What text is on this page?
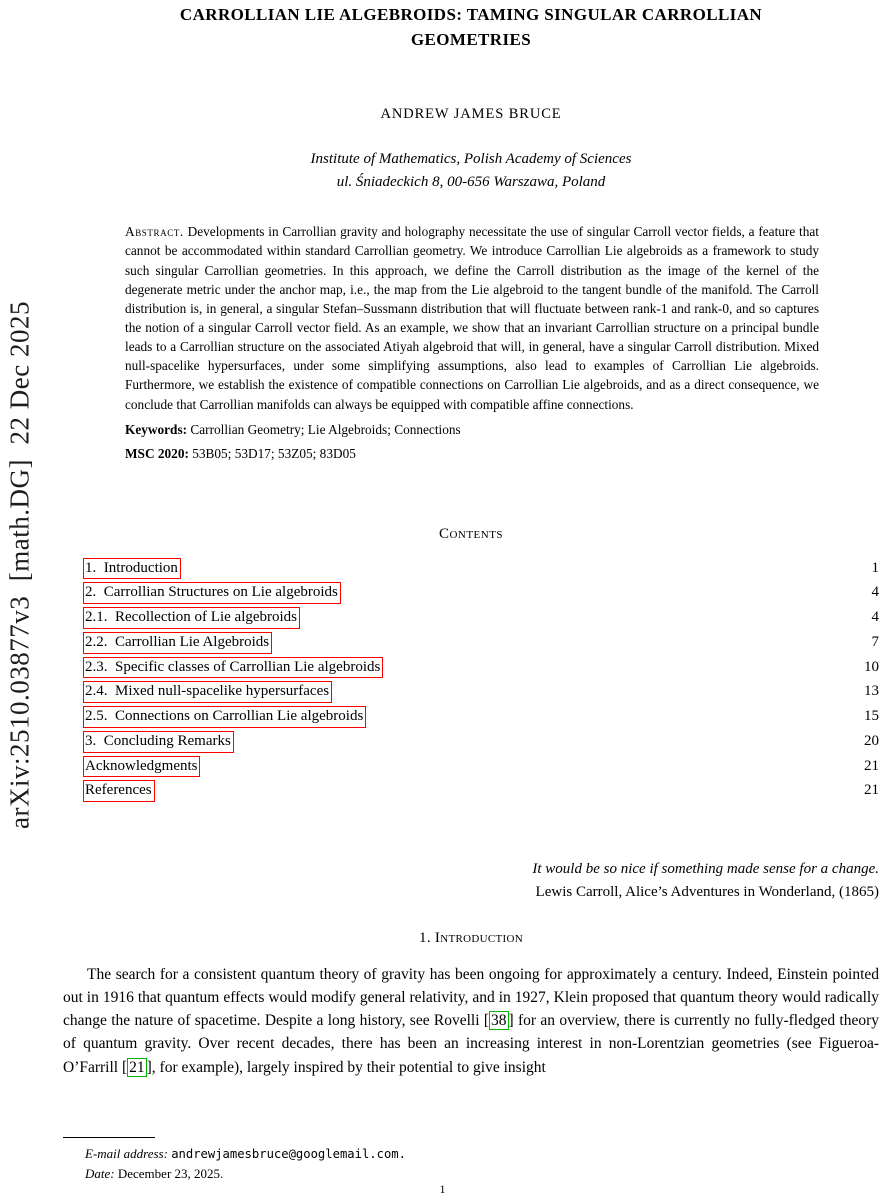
arXiv:2510.03877v3  [math.DG]  22 Dec 2025
CARROLLIAN LIE ALGEBROIDS: TAMING SINGULAR CARROLLIAN
GEOMETRIES
ANDREW JAMES BRUCE
Institute of Mathematics, Polish Academy of Sciences
ul. Śniadeckich 8, 00-656 Warszawa, Poland

Abstract. Developments in Carrollian gravity and holography necessitate the use of singular Carroll vector fields, a feature that cannot be accommodated within standard Carrollian geometry. We introduce Carrollian Lie algebroids as a framework to study such singular Carrollian geometries. In this approach, we define the Carroll distribution as the image of the kernel of the degenerate metric under the anchor map, i.e., the map from the Lie algebroid to the tangent bundle of the manifold. The Carroll distribution is, in general, a singular Stefan–Sussmann distribution that will fluctuate between rank-1 and rank-0, and so captures the notion of a singular Carroll vector field. As an example, we show that an invariant Carrollian structure on a principal bundle leads to a Carrollian structure on the associated Atiyah algebroid that will, in general, have a singular Carroll distribution. Mixed null-spacelike hypersurfaces, under some simplifying assumptions, also lead to examples of Carrollian Lie algebroids. Furthermore, we establish the existence of compatible connections on Carrollian Lie algebroids, and as a direct consequence, we conclude that Carrollian manifolds can always be equipped with compatible affine connections.

Keywords: Carrollian Geometry; Lie Algebroids; Connections

MSC 2020: 53B05; 53D17; 53Z05; 83D05

Contents
1.  Introduction	1
2.  Carrollian Structures on Lie algebroids	4
2.1.  Recollection of Lie algebroids	4
2.2.  Carrollian Lie Algebroids	7
2.3.  Specific classes of Carrollian Lie algebroids	10
2.4.  Mixed null-spacelike hypersurfaces	13
2.5.  Connections on Carrollian Lie algebroids	15
3.  Concluding Remarks	20
Acknowledgments	21
References	21
It would be so nice if something made sense for a change.
Lewis Carroll, Alice’s Adventures in Wonderland, (1865)
1. Introduction

The search for a consistent quantum theory of gravity has been ongoing for approximately a century. Indeed, Einstein pointed out in 1916 that quantum effects would modify general relativity, and in 1927, Klein proposed that quantum theory would radically change the nature of spacetime. Despite a long history, see Rovelli [ 38 ] for an overview, there is currently no fully-fledged theory of quantum gravity. Over recent decades, there has been an increasing interest in non-Lorentzian geometries (see Figueroa-O’Farrill [ 21 ], for example), largely inspired by their potential to give insight

E-mail address: andrewjamesbruce@googlemail.com.
Date: December 23, 2025.
1
